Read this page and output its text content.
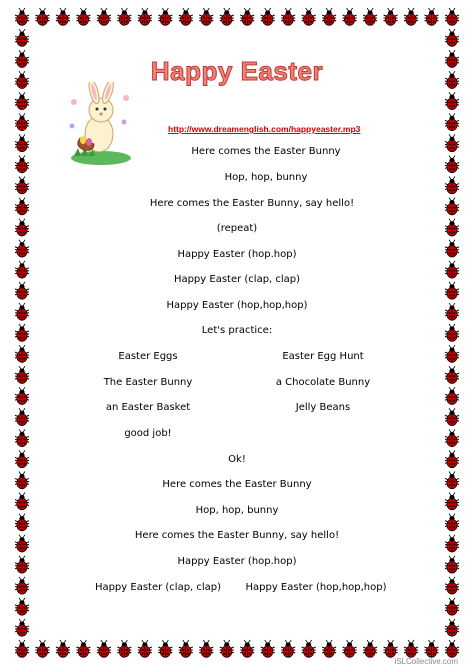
Happy Easter
http://www.dreamenglish.com/happyeaster.mp3
Here comes the Easter Bunny
Hop, hop, bunny
Here comes the Easter Bunny, say hello!
(repeat)
Happy Easter (hop.hop)
Happy Easter (clap, clap)
Happy Easter (hop,hop,hop)
Let's practice:
Easter Eggs	Easter Egg Hunt
The Easter Bunny	a Chocolate Bunny
an Easter Basket	Jelly Beans
good job!
Ok!
Here comes the Easter Bunny
Hop, hop, bunny
Here comes the Easter Bunny, say hello!
Happy Easter (hop.hop)
Happy Easter (clap, clap) Happy Easter (hop,hop,hop)
iSLCollective.com
